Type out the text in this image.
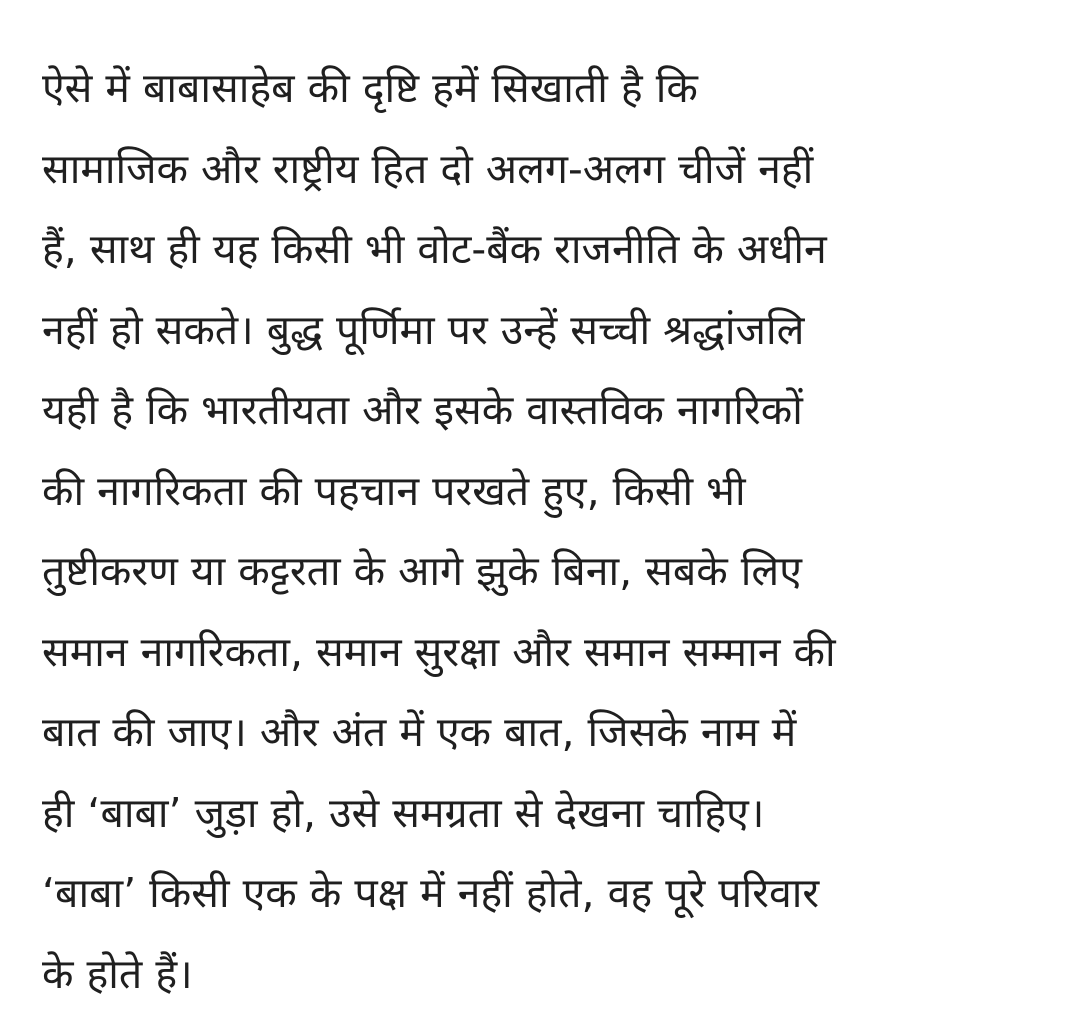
ऐसे में बाबासाहेब की दृष्टि हमें सिखाती है कि
सामाजिक और राष्ट्रीय हित दो अलग-अलग चीजें नहीं
हैं, साथ ही यह किसी भी वोट-बैंक राजनीति के अधीन
नहीं हो सकते। बुद्ध पूर्णिमा पर उन्हें सच्ची श्रद्धांजलि
यही है कि भारतीयता और इसके वास्तविक नागरिकों
की नागरिकता की पहचान परखते हुए, किसी भी
तुष्टीकरण या कट्टरता के आगे झुके बिना, सबके लिए
समान नागरिकता, समान सुरक्षा और समान सम्मान की
बात की जाए। और अंत में एक बात, जिसके नाम में
ही ‘बाबा’ जुड़ा हो, उसे समग्रता से देखना चाहिए।
‘बाबा’ किसी एक के पक्ष में नहीं होते, वह पूरे परिवार
के होते हैं।
